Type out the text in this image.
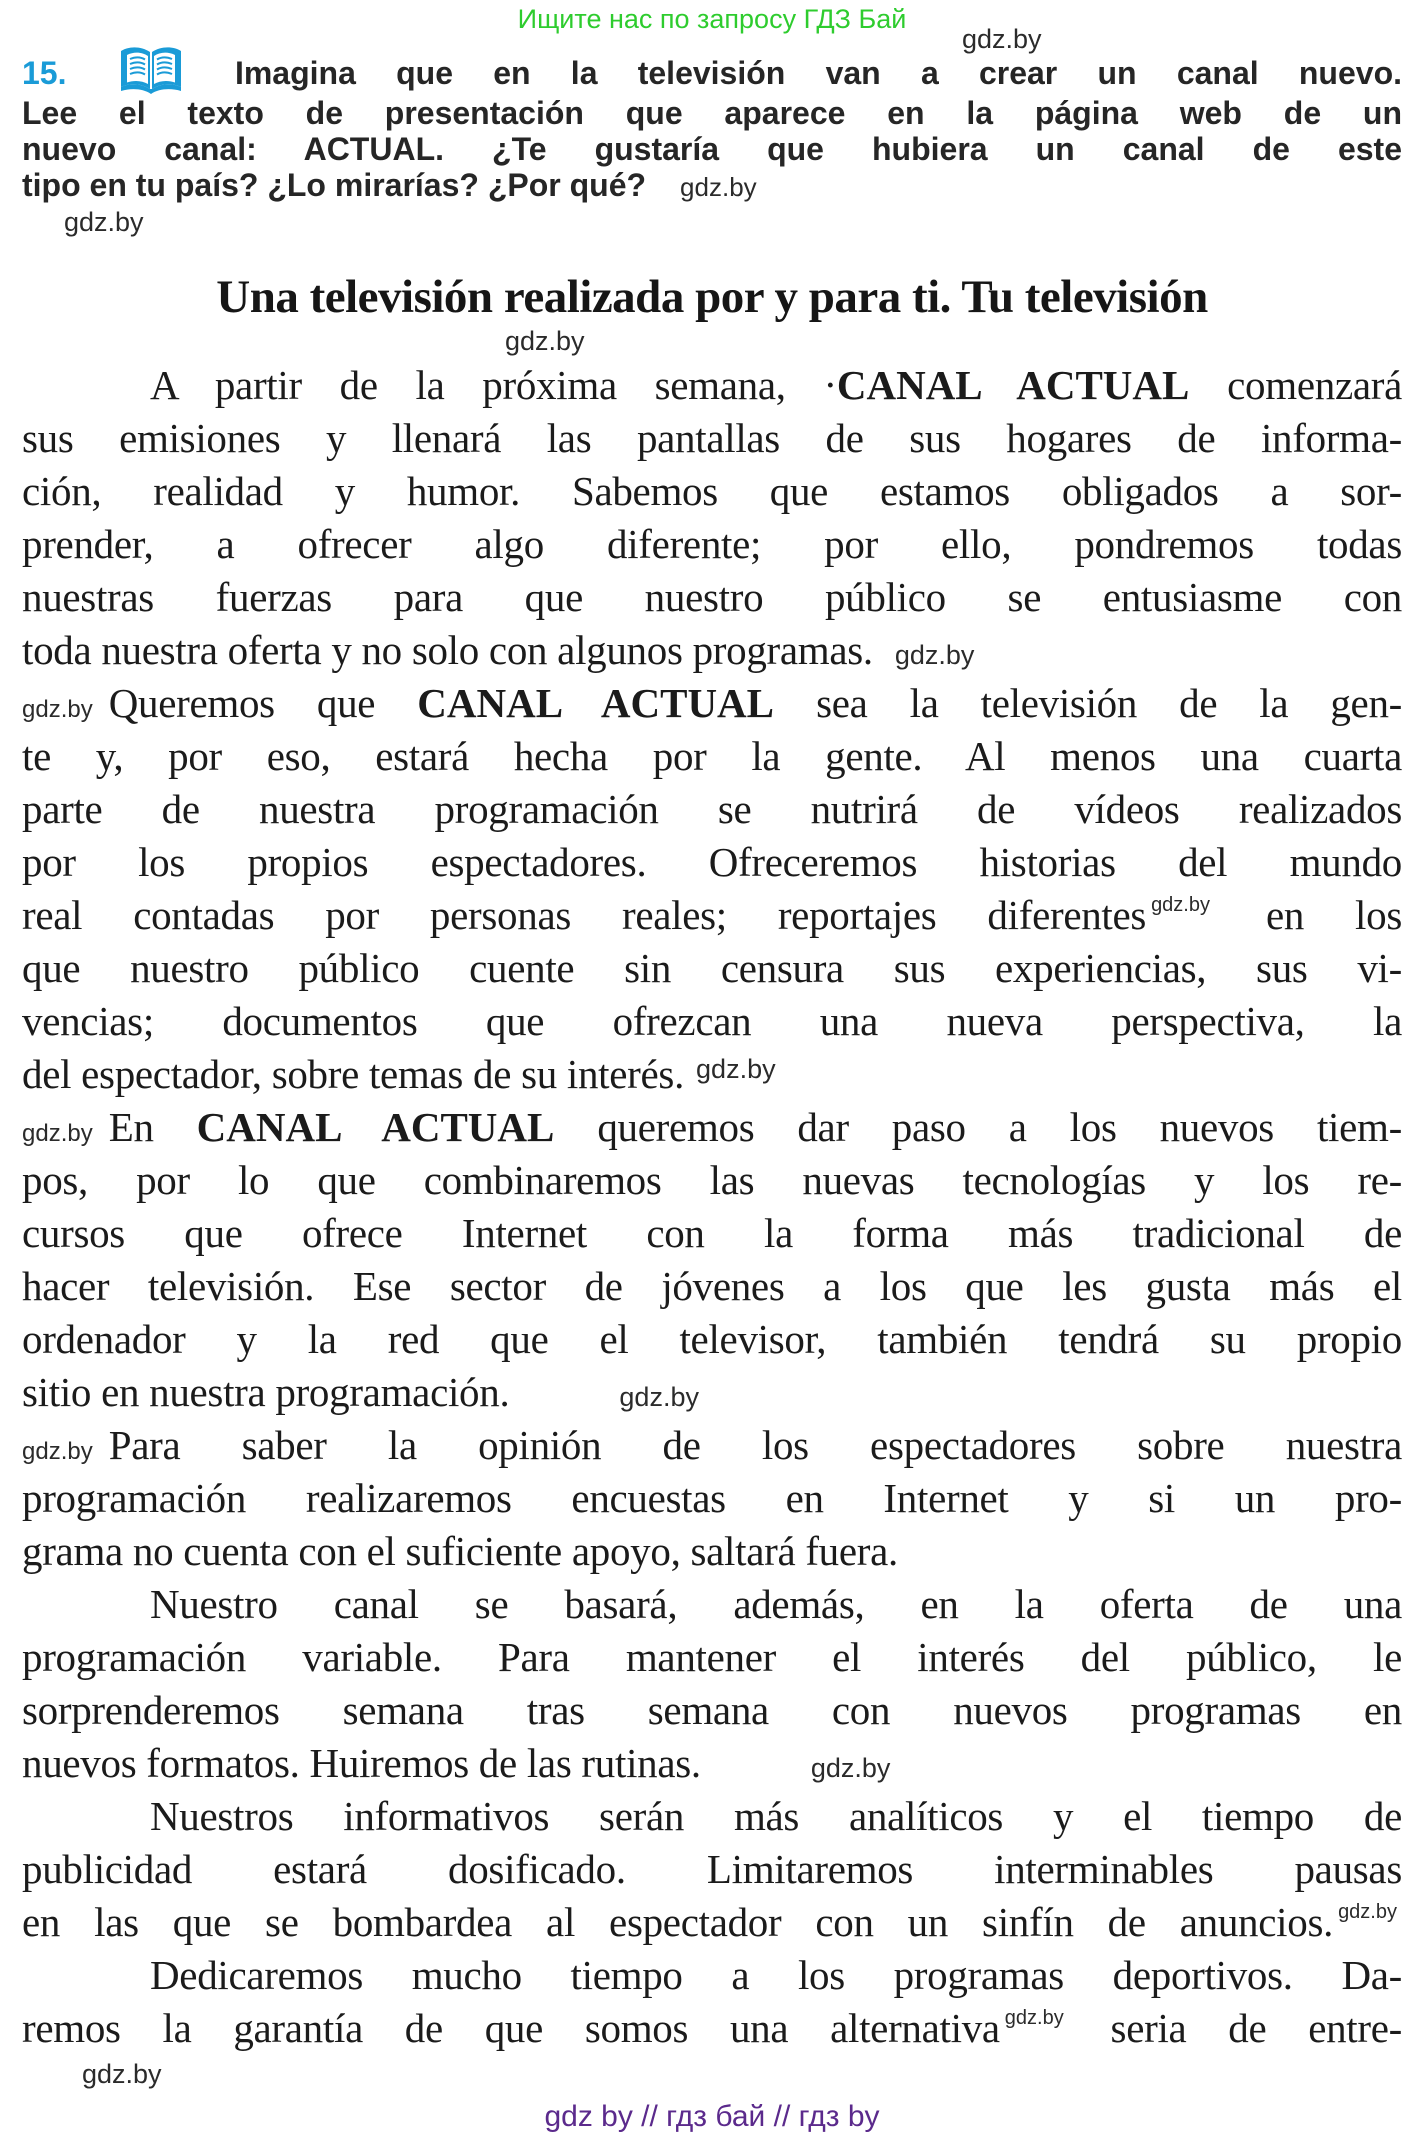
Ищите нас по запросу ГДЗ Бай
gdz.by
15.	Imagina que en la televisión van a crear un canal nuevo.
Lee el texto de presentación que aparece en la página web de un
nuevo canal: ACTUAL. ¿Te gustaría que hubiera un canal de este
tipo en tu país? ¿Lo mirarías? ¿Por qué? gdz.by
gdz.by
Una televisión realizada por y para ti. Tu televisión
gdz.by
A partir de la próxima semana, ·CANAL ACTUAL comenzará
sus emisiones y llenará las pantallas de sus hogares de informa-
ción, realidad y humor. Sabemos que estamos obligados a sor-
prender, a ofrecer algo diferente; por ello, pondremos todas
nuestras fuerzas para que nuestro público se entusiasme con
toda nuestra oferta y no solo con algunos programas. gdz.by
gdz.by Queremos que CANAL ACTUAL sea la televisión de la gen-
te y, por eso, estará hecha por la gente. Al menos una cuarta
parte de nuestra programación se nutrirá de vídeos realizados
por los propios espectadores. Ofreceremos historias del mundo
real contadas por personas reales; reportajes diferentes $^{gdz.by}$ en los
que nuestro público cuente sin censura sus experiencias, sus vi-
vencias; documentos que ofrezcan una nueva perspectiva, la
del espectador, sobre temas de su interés. $^{gdz.by}$
gdz.by En CANAL ACTUAL queremos dar paso a los nuevos tiem-
pos, por lo que combinaremos las nuevas tecnologías y los re-
cursos que ofrece Internet con la forma más tradicional de
hacer televisión. Ese sector de jóvenes a los que les gusta más el
ordenador y la red que el televisor, también tendrá su propio
sitio en nuestra programación.	gdz.by
gdz.by Para saber la opinión de los espectadores sobre nuestra
programación realizaremos encuestas en Internet y si un pro-
grama no cuenta con el suficiente apoyo, saltará fuera.
Nuestro canal se basará, además, en la oferta de una
programación variable. Para mantener el interés del público, le
sorprenderemos semana tras semana con nuevos programas en
nuevos formatos. Huiremos de las rutinas.	gdz.by
Nuestros informativos serán más analíticos y el tiempo de
publicidad estará dosificado. Limitaremos interminables pausas
en las que se bombardea al espectador con un sinfín de anuncios. $^{gdz.by}$
Dedicaremos mucho tiempo a los programas deportivos. Da-
remos la garantía de que somos una alternativa $^{gdz.by}$ seria de entre-
gdz.by
gdz by // гдз бай // гдз by
